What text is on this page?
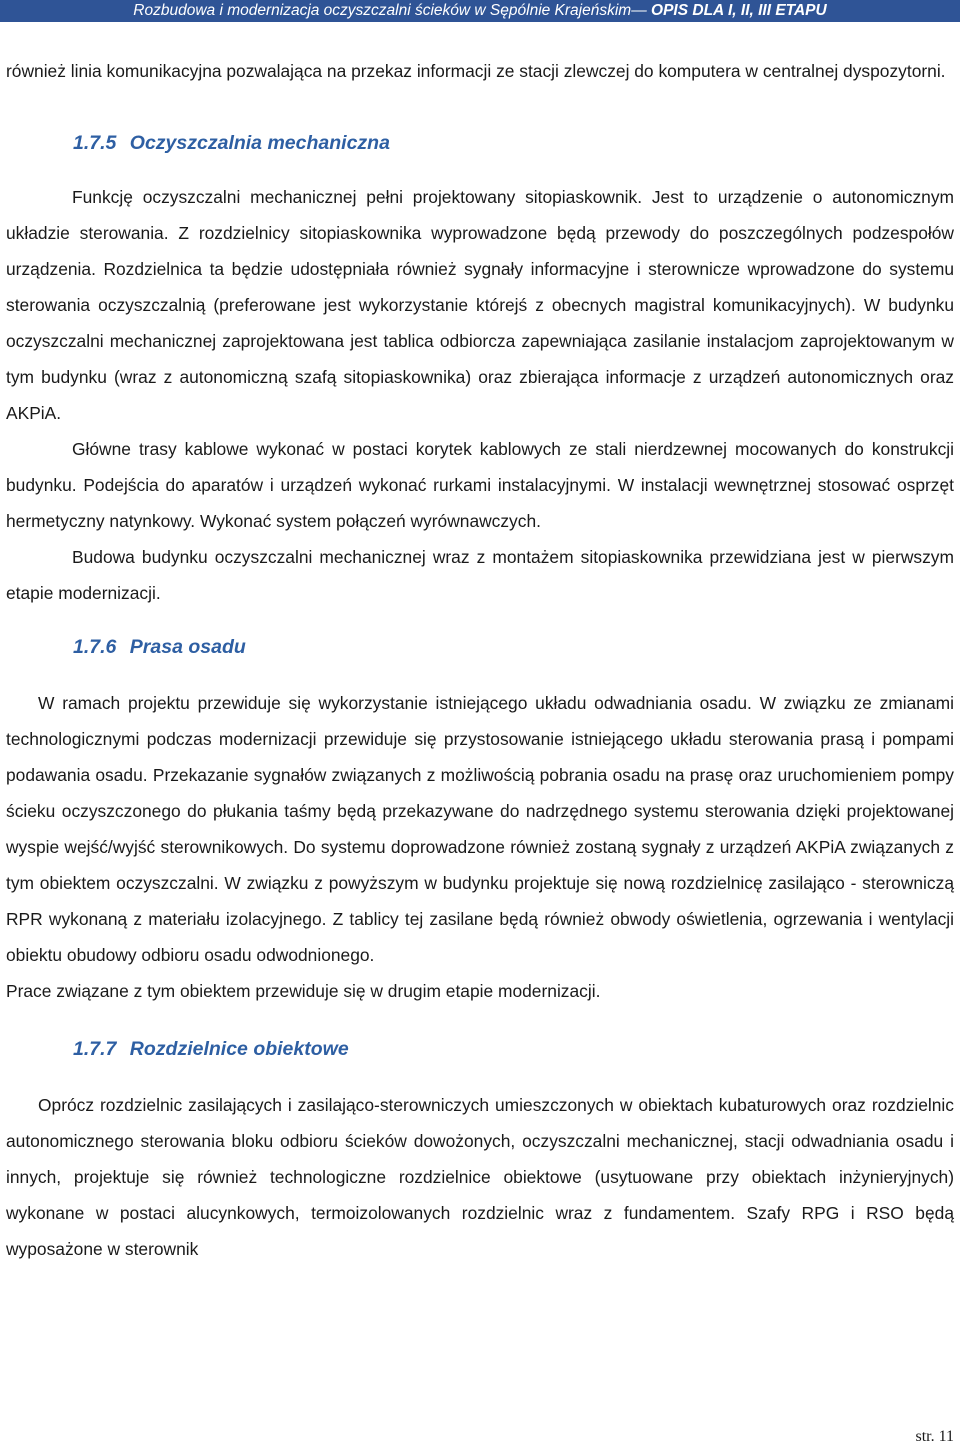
Rozbudowa i modernizacja oczyszczalni ścieków w Sępólnie Krajeńskim— OPIS DLA I, II, III ETAPU

również linia komunikacyjna pozwalająca na przekaz informacji ze stacji zlewczej do komputera w centralnej dyspozytorni.

1.7.5 Oczyszczalnia mechaniczna

Funkcję oczyszczalni mechanicznej pełni projektowany sitopiaskownik. Jest to urządzenie o autonomicznym układzie sterowania. Z rozdzielnicy sitopiaskownika wyprowadzone będą przewody do poszczególnych podzespołów urządzenia. Rozdzielnica ta będzie udostępniała również sygnały informacyjne i sterownicze wprowadzone do systemu sterowania oczyszczalnią (preferowane jest wykorzystanie którejś z obecnych magistral komunikacyjnych). W budynku oczyszczalni mechanicznej zaprojektowana jest tablica odbiorcza zapewniająca zasilanie instalacjom zaprojektowanym w tym budynku (wraz z autonomiczną szafą sitopiaskownika) oraz zbierająca informacje z urządzeń autonomicznych oraz AKPiA.

Główne trasy kablowe wykonać w postaci korytek kablowych ze stali nierdzewnej mocowanych do konstrukcji budynku. Podejścia do aparatów i urządzeń wykonać rurkami instalacyjnymi. W instalacji wewnętrznej stosować osprzęt hermetyczny natynkowy. Wykonać system połączeń wyrównawczych.

Budowa budynku oczyszczalni mechanicznej wraz z montażem sitopiaskownika przewidziana jest w pierwszym etapie modernizacji.

1.7.6 Prasa osadu

W ramach projektu przewiduje się wykorzystanie istniejącego układu odwadniania osadu. W związku ze zmianami technologicznymi podczas modernizacji przewiduje się przystosowanie istniejącego układu sterowania prasą i pompami podawania osadu. Przekazanie sygnałów związanych z możliwością pobrania osadu na prasę oraz uruchomieniem pompy ścieku oczyszczonego do płukania taśmy będą przekazywane do nadrzędnego systemu sterowania dzięki projektowanej wyspie wejść/wyjść sterownikowych. Do systemu doprowadzone również zostaną sygnały z urządzeń AKPiA związanych z tym obiektem oczyszczalni. W związku z powyższym w budynku projektuje się nową rozdzielnicę zasilająco - sterowniczą RPR wykonaną z materiału izolacyjnego. Z tablicy tej zasilane będą również obwody oświetlenia, ogrzewania i wentylacji obiektu obudowy odbioru osadu odwodnionego.

Prace związane z tym obiektem przewiduje się w drugim etapie modernizacji.

1.7.7 Rozdzielnice obiektowe

Oprócz rozdzielnic zasilających i zasilająco-sterowniczych umieszczonych w obiektach kubaturowych oraz rozdzielnic autonomicznego sterowania bloku odbioru ścieków dowożonych, oczyszczalni mechanicznej, stacji odwadniania osadu i innych, projektuje się również technologiczne rozdzielnice obiektowe (usytuowane przy obiektach inżynieryjnych) wykonane w postaci alucynkowych, termoizolowanych rozdzielnic wraz z fundamentem. Szafy RPG i RSO będą wyposażone w sterownik

str. 11
